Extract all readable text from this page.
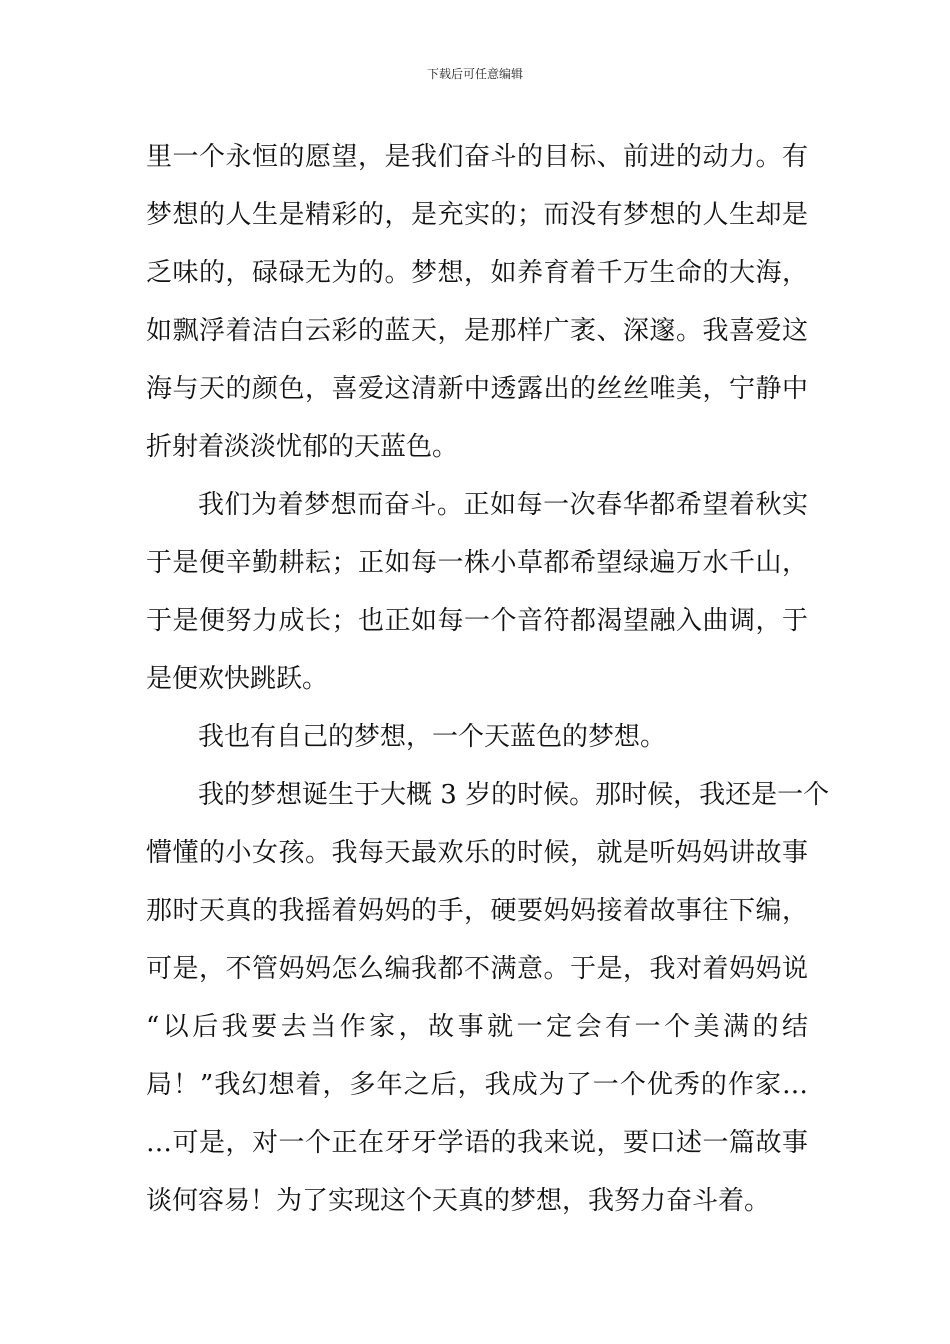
下载后可任意编辑
里一个永恒的愿望，是我们奋斗的目标、前进的动力。有
梦想的人生是精彩的，是充实的；而没有梦想的人生却是
乏味的，碌碌无为的。梦想，如养育着千万生命的大海，
如飘浮着洁白云彩的蓝天，是那样广袤、深邃。我喜爱这
海与天的颜色，喜爱这清新中透露出的丝丝唯美，宁静中
折射着淡淡忧郁的天蓝色。
我们为着梦想而奋斗。正如每一次春华都希望着秋实
于是便辛勤耕耘；正如每一株小草都希望绿遍万水千山，
于是便努力成长；也正如每一个音符都渴望融入曲调，于
是便欢快跳跃。
我也有自己的梦想，一个天蓝色的梦想。
我的梦想诞生于大概 3 岁的时候。那时候，我还是一个
懵懂的小女孩。我每天最欢乐的时候，就是听妈妈讲故事
那时天真的我摇着妈妈的手，硬要妈妈接着故事往下编，
可是，不管妈妈怎么编我都不满意。于是，我对着妈妈说
“以后我要去当作家，故事就一定会有一个美满的结
局！”我幻想着，多年之后，我成为了一个优秀的作家…
…可是，对一个正在牙牙学语的我来说，要口述一篇故事
谈何容易！为了实现这个天真的梦想，我努力奋斗着。
